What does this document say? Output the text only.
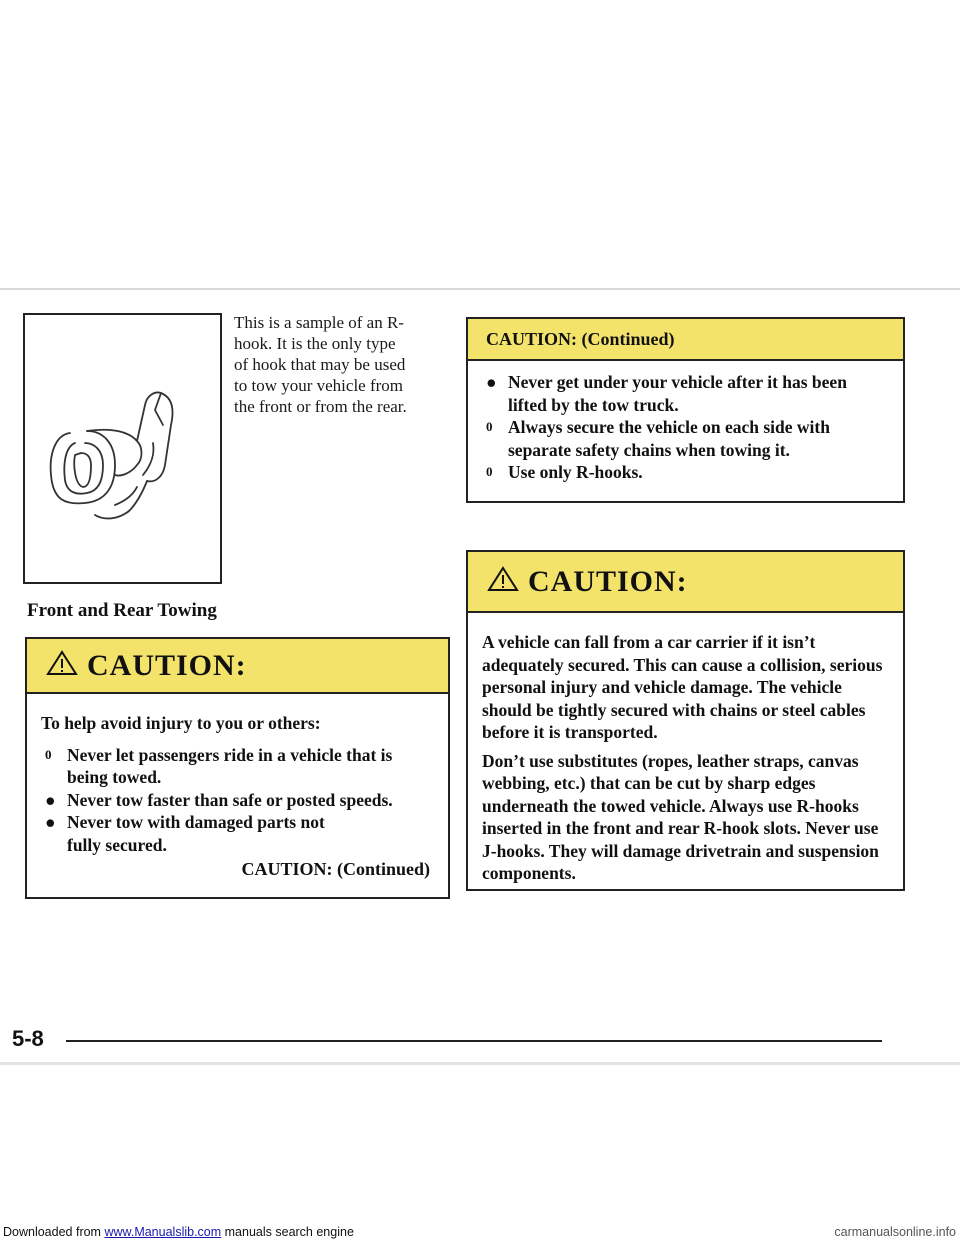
This is a sample of an R-hook. It is the only type of hook that may be used to tow your vehicle from the front or from the rear.
Front and Rear Towing
CAUTION:
To help avoid injury to you or others:
0 Never let passengers ride in a vehicle that is being towed.
● Never tow faster than safe or posted speeds.
● Never tow with damaged parts not fully secured.
CAUTION: (Continued)
CAUTION: (Continued)
● Never get under your vehicle after it has been lifted by the tow truck.
0 Always secure the vehicle on each side with separate safety chains when towing it.
0 Use only R-hooks.
CAUTION:
A vehicle can fall from a car carrier if it isn’t adequately secured. This can cause a collision, serious personal injury and vehicle damage. The vehicle should be tightly secured with chains or steel cables before it is transported.
Don’t use substitutes (ropes, leather straps, canvas webbing, etc.) that can be cut by sharp edges underneath the towed vehicle. Always use R-hooks inserted in the front and rear R-hook slots. Never use J-hooks. They will damage drivetrain and suspension components.
5-8
Downloaded from www.Manualslib.com manuals search engine	carmanualsonline.info
